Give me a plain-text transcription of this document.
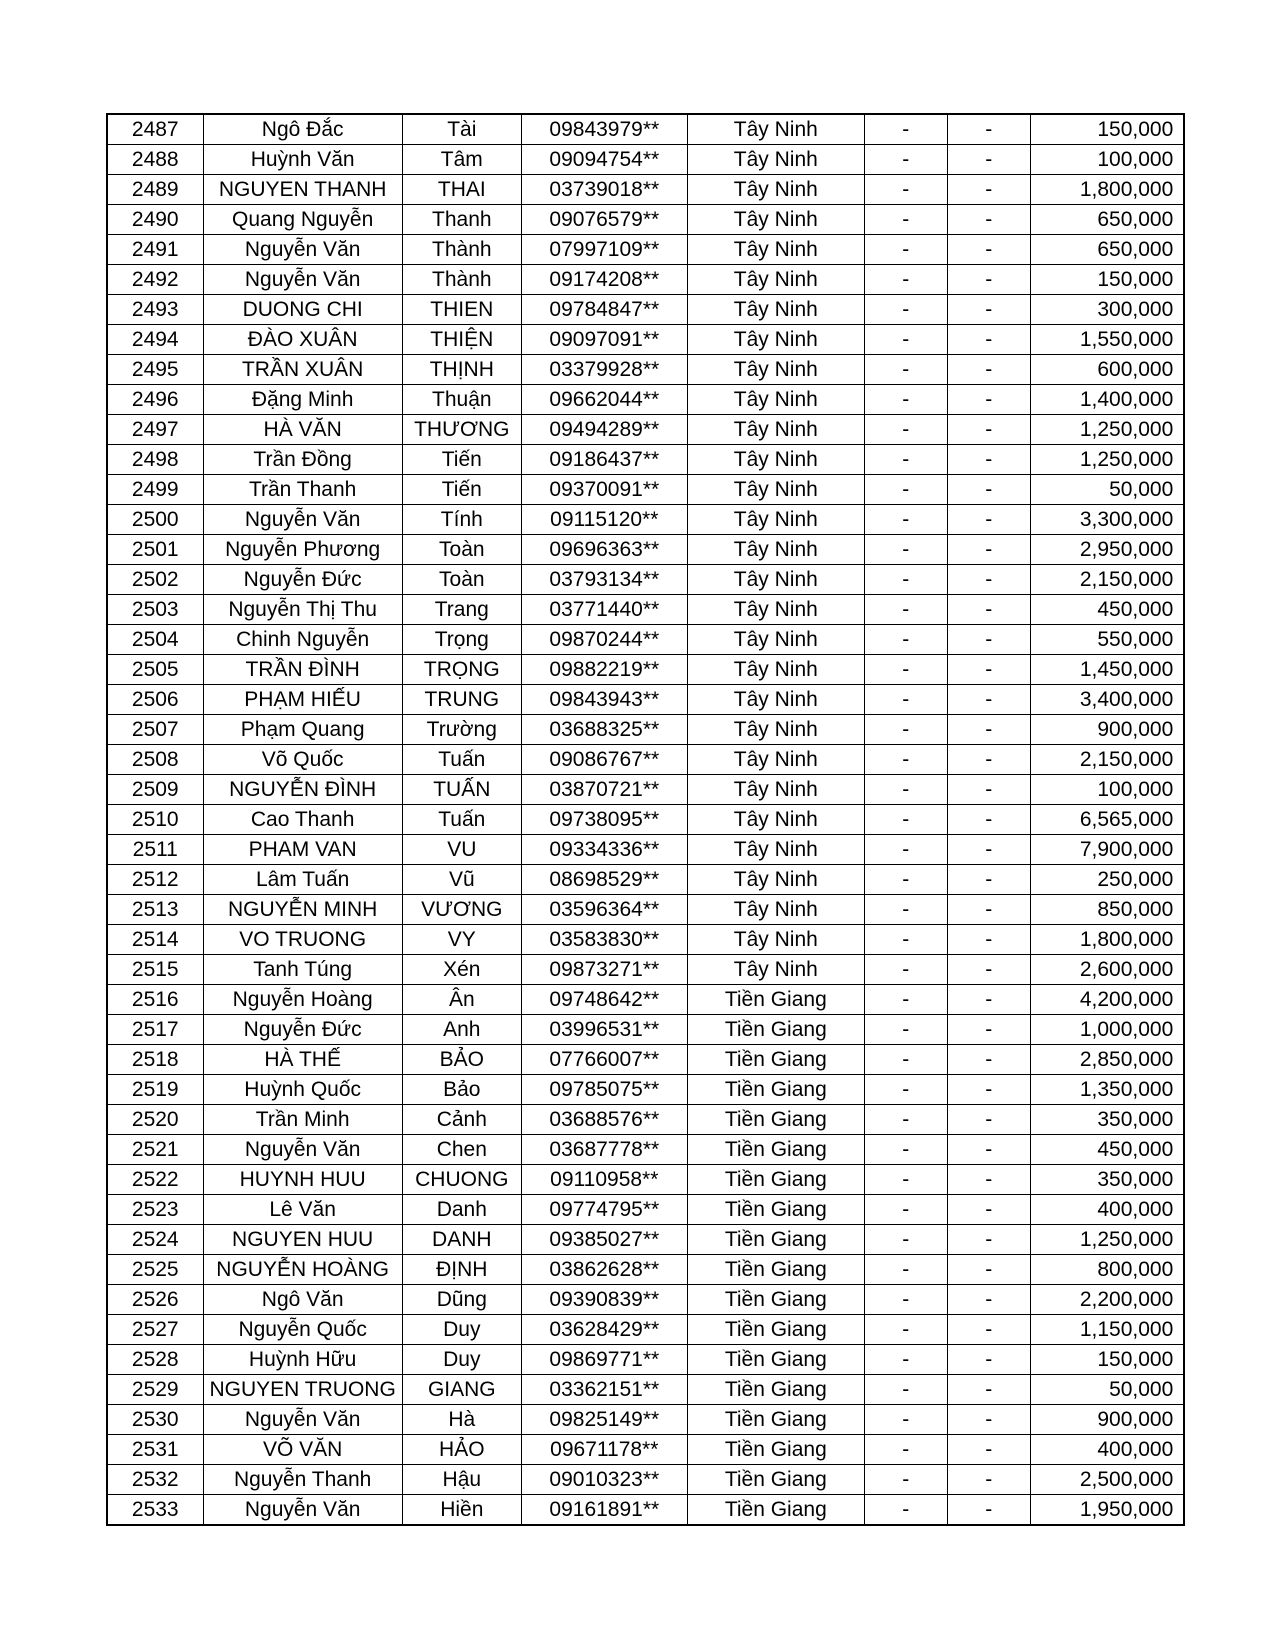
2487	Ngô Đắc	Tài	09843979**	Tây Ninh	-	-	150,000
2488	Huỳnh Văn	Tâm	09094754**	Tây Ninh	-	-	100,000
2489	NGUYEN THANH	THAI	03739018**	Tây Ninh	-	-	1,800,000
2490	Quang Nguyễn	Thanh	09076579**	Tây Ninh	-	-	650,000
2491	Nguyễn Văn	Thành	07997109**	Tây Ninh	-	-	650,000
2492	Nguyễn Văn	Thành	09174208**	Tây Ninh	-	-	150,000
2493	DUONG CHI	THIEN	09784847**	Tây Ninh	-	-	300,000
2494	ĐÀO XUÂN	THIỆN	09097091**	Tây Ninh	-	-	1,550,000
2495	TRẦN XUÂN	THỊNH	03379928**	Tây Ninh	-	-	600,000
2496	Đặng Minh	Thuận	09662044**	Tây Ninh	-	-	1,400,000
2497	HÀ VĂN	THƯƠNG	09494289**	Tây Ninh	-	-	1,250,000
2498	Trần Đồng	Tiến	09186437**	Tây Ninh	-	-	1,250,000
2499	Trần Thanh	Tiến	09370091**	Tây Ninh	-	-	50,000
2500	Nguyễn Văn	Tính	09115120**	Tây Ninh	-	-	3,300,000
2501	Nguyễn Phương	Toàn	09696363**	Tây Ninh	-	-	2,950,000
2502	Nguyễn Đức	Toàn	03793134**	Tây Ninh	-	-	2,150,000
2503	Nguyễn Thị Thu	Trang	03771440**	Tây Ninh	-	-	450,000
2504	Chinh Nguyễn	Trọng	09870244**	Tây Ninh	-	-	550,000
2505	TRẦN ĐÌNH	TRỌNG	09882219**	Tây Ninh	-	-	1,450,000
2506	PHẠM HIẾU	TRUNG	09843943**	Tây Ninh	-	-	3,400,000
2507	Phạm Quang	Trường	03688325**	Tây Ninh	-	-	900,000
2508	Võ Quốc	Tuấn	09086767**	Tây Ninh	-	-	2,150,000
2509	NGUYỄN ĐÌNH	TUẤN	03870721**	Tây Ninh	-	-	100,000
2510	Cao Thanh	Tuấn	09738095**	Tây Ninh	-	-	6,565,000
2511	PHAM VAN	VU	09334336**	Tây Ninh	-	-	7,900,000
2512	Lâm Tuấn	Vũ	08698529**	Tây Ninh	-	-	250,000
2513	NGUYỄN MINH	VƯƠNG	03596364**	Tây Ninh	-	-	850,000
2514	VO TRUONG	VY	03583830**	Tây Ninh	-	-	1,800,000
2515	Tanh Túng	Xén	09873271**	Tây Ninh	-	-	2,600,000
2516	Nguyễn Hoàng	Ân	09748642**	Tiền Giang	-	-	4,200,000
2517	Nguyễn Đức	Anh	03996531**	Tiền Giang	-	-	1,000,000
2518	HÀ THẾ	BẢO	07766007**	Tiền Giang	-	-	2,850,000
2519	Huỳnh Quốc	Bảo	09785075**	Tiền Giang	-	-	1,350,000
2520	Trần Minh	Cảnh	03688576**	Tiền Giang	-	-	350,000
2521	Nguyễn Văn	Chen	03687778**	Tiền Giang	-	-	450,000
2522	HUYNH HUU	CHUONG	09110958**	Tiền Giang	-	-	350,000
2523	Lê Văn	Danh	09774795**	Tiền Giang	-	-	400,000
2524	NGUYEN HUU	DANH	09385027**	Tiền Giang	-	-	1,250,000
2525	NGUYỄN HOÀNG	ĐỊNH	03862628**	Tiền Giang	-	-	800,000
2526	Ngô Văn	Dũng	09390839**	Tiền Giang	-	-	2,200,000
2527	Nguyễn Quốc	Duy	03628429**	Tiền Giang	-	-	1,150,000
2528	Huỳnh Hữu	Duy	09869771**	Tiền Giang	-	-	150,000
2529	NGUYEN TRUONG	GIANG	03362151**	Tiền Giang	-	-	50,000
2530	Nguyễn Văn	Hà	09825149**	Tiền Giang	-	-	900,000
2531	VÕ VĂN	HẢO	09671178**	Tiền Giang	-	-	400,000
2532	Nguyễn Thanh	Hậu	09010323**	Tiền Giang	-	-	2,500,000
2533	Nguyễn Văn	Hiền	09161891**	Tiền Giang	-	-	1,950,000
